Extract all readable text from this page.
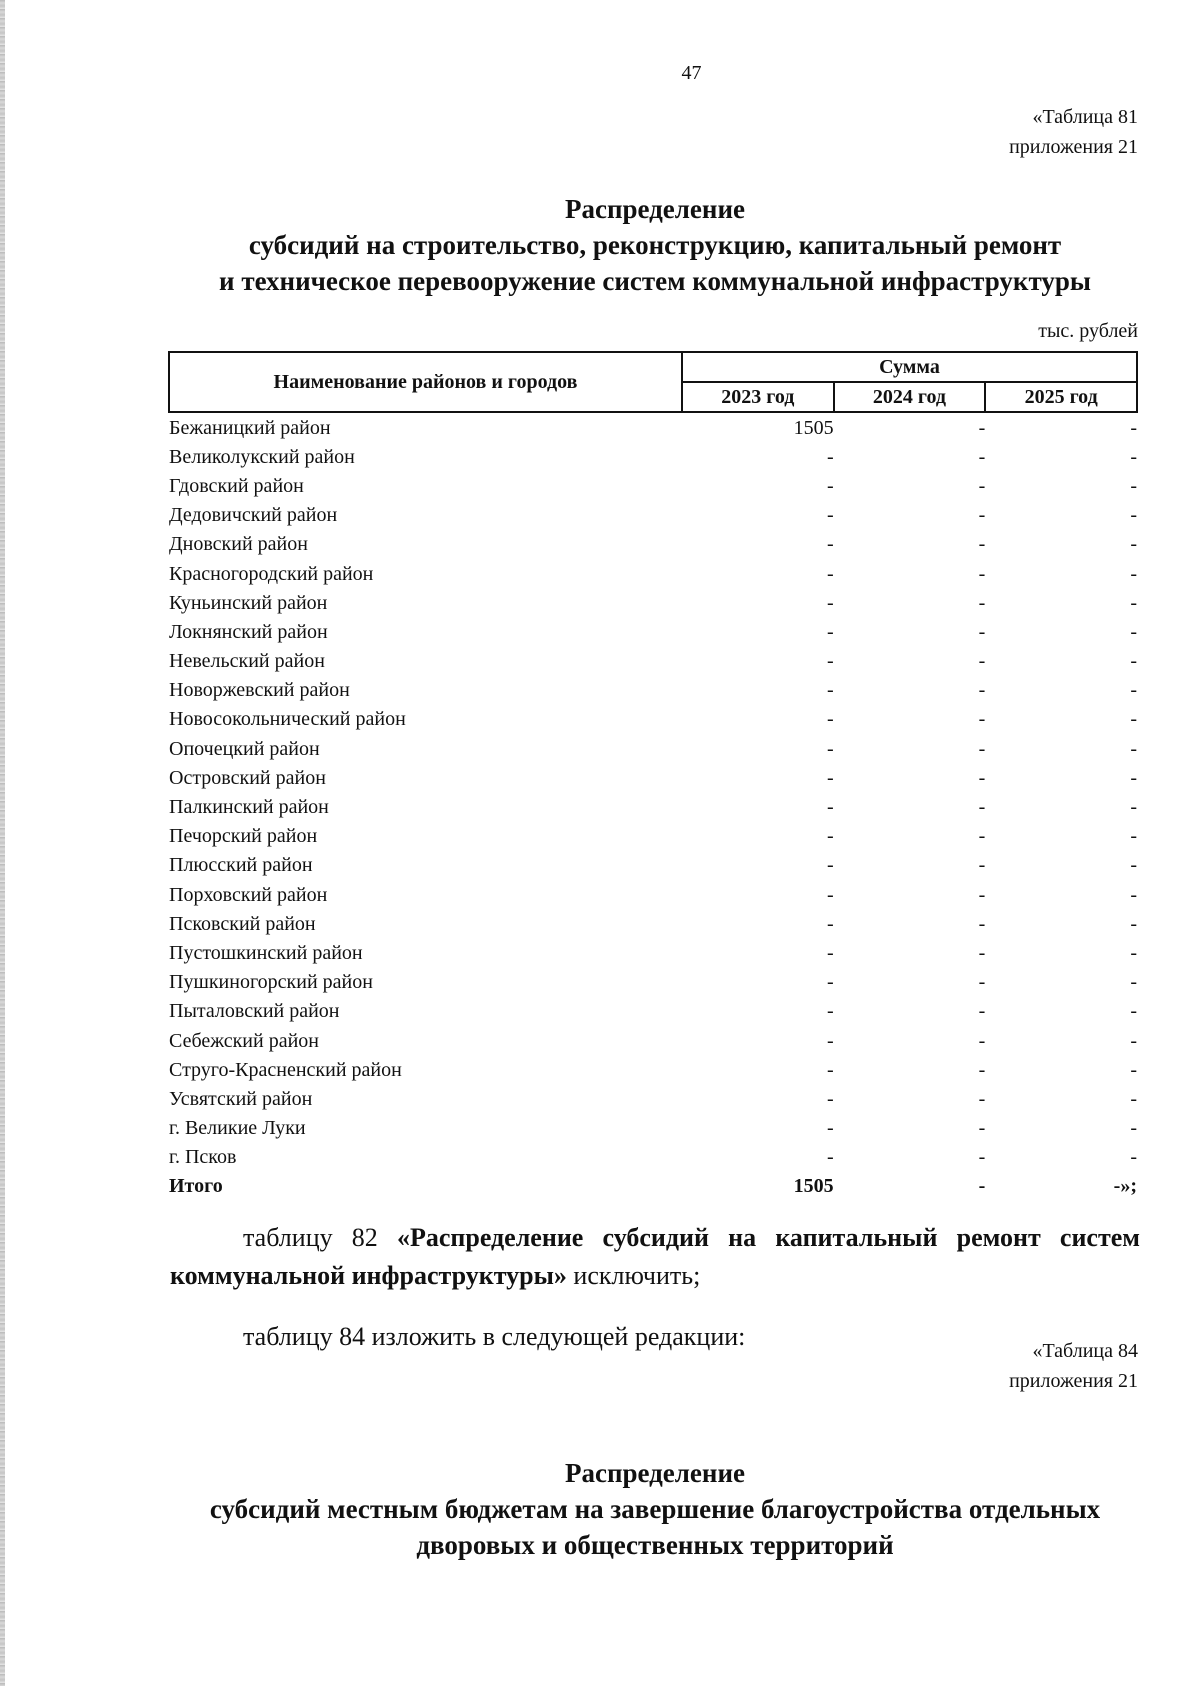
47
«Таблица 81
приложения 21
Распределение
субсидий на строительство, реконструкцию, капитальный ремонт
и техническое перевооружение систем коммунальной инфраструктуры
тыс. рублей
Наименование районов и городов	Сумма		
	2023 год	2024 год	2025 год
Бежаницкий район	1505	-	-
Великолукский район	-	-	-
Гдовский район	-	-	-
Дедовичский район	-	-	-
Дновский район	-	-	-
Красногородский район	-	-	-
Куньинский район	-	-	-
Локнянский район	-	-	-
Невельский район	-	-	-
Новоржевский район	-	-	-
Новосокольнический район	-	-	-
Опочецкий район	-	-	-
Островский район	-	-	-
Палкинский район	-	-	-
Печорский район	-	-	-
Плюсский район	-	-	-
Порховский район	-	-	-
Псковский район	-	-	-
Пустошкинский район	-	-	-
Пушкиногорский район	-	-	-
Пыталовский район	-	-	-
Себежский район	-	-	-
Струго-Красненский район	-	-	-
Усвятский район	-	-	-
г. Великие Луки	-	-	-
г. Псков	-	-	-
Итого	1505	-	-»;
таблицу 82 «Распределение субсидий на капитальный ремонт систем коммунальной инфраструктуры» исключить;
таблицу 84 изложить в следующей редакции:	«Таблица 84
приложения 21
Распределение
субсидий местным бюджетам на завершение благоустройства отдельных
дворовых и общественных территорий
